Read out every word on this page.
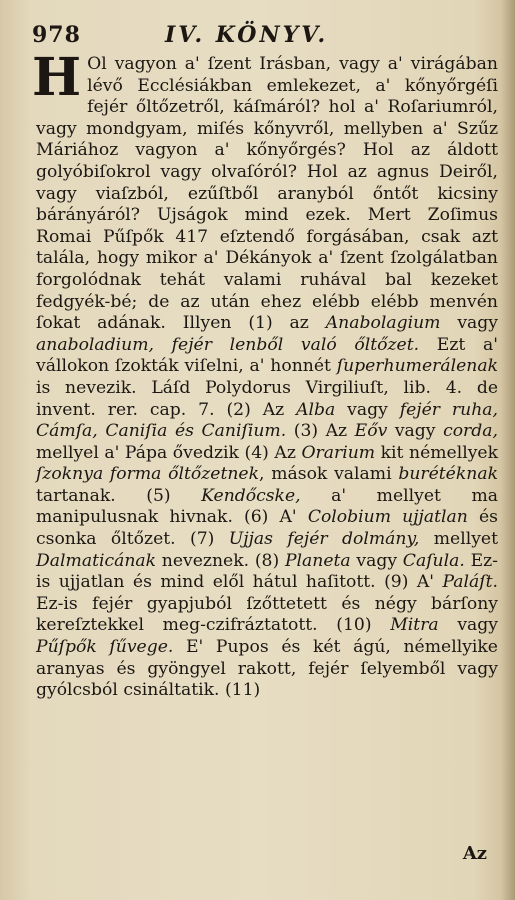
978	IV. KÖNYV.
H Ol vagyon a' ſzent Irásban, vagy a' virágában lévő Ecclésiákban emlekezet, a' kőnyőrgéſi fejér őltőzetről, káſmáról? hol a' Roſariumról, vagy mondgyam, miſés kőnyvről, mellyben a' Szűz Máriához vagyon a' kőnyőrgés? Hol az áldott golyóbiſokrol vagy olvaſóról? Hol az agnus Deiről, vagy viaſzból, ezűſtből aranyból őntőt kicsiny bárányáról? Ujságok mind ezek. Mert Zoſimus Romai Pűſpők 417 eſztendő forgásában, csak azt talála, hogy mikor a' Dékányok a' ſzent ſzolgálatban forgolódnak tehát valami ruhával bal kezeket fedgyék-bé; de az után ehez elébb elébb menvén ſokat adának. Illyen (1) az Anabolagium vagy anaboladium, fejér lenből való őltőzet. Ezt a' vállokon ſzokták viſelni, a' honnét ſuperhumerálenak is nevezik. Láſd Polydorus Virgiliuſt, lib. 4. de invent. rer. cap. 7. (2) Az Alba vagy fejér ruha, Cámſa, Caniſia és Caniſium. (3) Az Eőv vagy corda, mellyel a' Pápa ővedzik (4) Az Orarium kit némellyek ſzoknya forma őltőzetnek, mások valami burétéknak tartanak. (5) Kendőcske, a' mellyet ma manipulusnak hivnak. (6) A' Colobium ujjatlan és csonka őltőzet. (7) Ujjas fejér dolmány, mellyet Dalmaticának neveznek. (8) Planeta vagy Caſula. Ez-is ujjatlan és mind elől hátul haſitott. (9) A' Paláſt. Ez-is fejér gyapjuból ſzőttetett és négy bárſony kereſztekkel meg-czifráztatott. (10) Mitra vagy Pűſpők ſűvege. E' Pupos és két ágú, némellyike aranyas és gyöngyel rakott, fejér ſelyemből vagy gyólcsból csináltatik. (11)
Az
